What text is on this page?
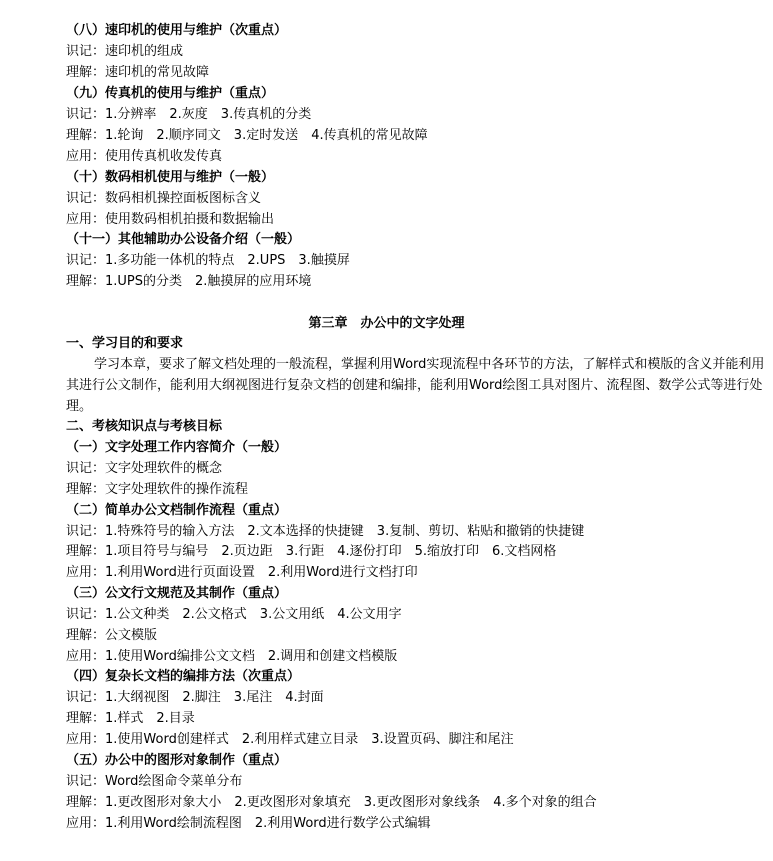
（八）速印机的使用与维护（次重点）
识记：速印机的组成
理解：速印机的常见故障
（九）传真机的使用与维护（重点）
识记：1.分辨率　2.灰度　3.传真机的分类
理解：1.轮询　2.顺序同文　3.定时发送　4.传真机的常见故障
应用：使用传真机收发传真
（十）数码相机使用与维护（一般）
识记：数码相机操控面板图标含义
应用：使用数码相机拍摄和数据输出
（十一）其他辅助办公设备介绍（一般）
识记：1.多功能一体机的特点　2.UPS　3.触摸屏
理解：1.UPS的分类　2.触摸屏的应用环境
第三章　办公中的文字处理
一、学习目的和要求
学习本章，要求了解文档处理的一般流程，掌握利用Word实现流程中各环节的方法，了解样式和模版的含义并能利用其进行公文制作，能利用大纲视图进行复杂文档的创建和编排，能利用Word绘图工具对图片、流程图、数学公式等进行处理。
二、考核知识点与考核目标
（一）文字处理工作内容简介（一般）
识记：文字处理软件的概念
理解：文字处理软件的操作流程
（二）简单办公文档制作流程（重点）
识记：1.特殊符号的输入方法　2.文本选择的快捷键　3.复制、剪切、粘贴和撤销的快捷键
理解：1.项目符号与编号　2.页边距　3.行距　4.逐份打印　5.缩放打印　6.文档网格
应用：1.利用Word进行页面设置　2.利用Word进行文档打印
（三）公文行文规范及其制作（重点）
识记：1.公文种类　2.公文格式　3.公文用纸　4.公文用字
理解：公文模版
应用：1.使用Word编排公文文档　2.调用和创建文档模版
（四）复杂长文档的编排方法（次重点）
识记：1.大纲视图　2.脚注　3.尾注　4.封面
理解：1.样式　2.目录
应用：1.使用Word创建样式　2.利用样式建立目录　3.设置页码、脚注和尾注
（五）办公中的图形对象制作（重点）
识记：Word绘图命令菜单分布
理解：1.更改图形对象大小　2.更改图形对象填充　3.更改图形对象线条　4.多个对象的组合
应用：1.利用Word绘制流程图　2.利用Word进行数学公式编辑
